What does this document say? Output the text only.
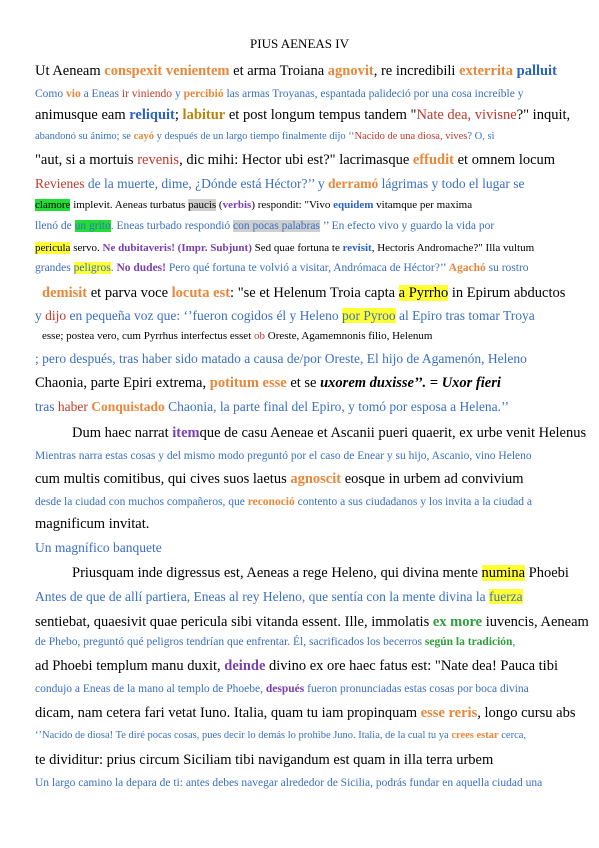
PIUS AENEAS IV
Ut Aeneam conspexit venientem et arma Troiana agnovit, re incredibili exterrita palluit
Como vio a Eneas ir viniendo y percibió las armas Troyanas, espantada palideció por una cosa increíble y
animusque eam reliquit; labitur et post longum tempus tandem "Nate dea, vivisne?" inquit,
abandonó su ánimo; se cayó y después de un largo tiempo finalmente dijo ‘‘Nacido de una diosa, vives? O, si
"aut, si a mortuis revenis, dic mihi: Hector ubi est?" lacrimasque effudit et omnem locum
Revienes de la muerte, dime, ¿Dónde está Héctor?’’ y derramó lágrimas y todo el lugar se
clamore implevit. Aeneas turbatus paucis (verbis) respondit: "Vivo equidem vitamque per maxima
llenó de un grito. Eneas turbado respondió con pocas palabras ’’ En efecto vivo y guardo la vida por
pericula servo. Ne dubitaveris! (Impr. Subjunt) Sed quae fortuna te revisit, Hectoris Andromache?" Illa vultum
grandes peligros. No dudes! Pero qué fortuna te volvió a visitar, Andrómaca de Héctor?’’ Agachó su rostro
demisit et parva voce locuta est: "se et Helenum Troia capta a Pyrrho in Epirum abductos
y dijo en pequeña voz que: ‘’fueron cogidos él y Heleno por Pyroo al Epiro tras tomar Troya
esse; postea vero, cum Pyrrhus interfectus esset ob Oreste, Agamemnonis filio, Helenum
; pero después, tras haber sido matado a causa de/por Oreste, El hijo de Agamenón, Heleno
Chaonia, parte Epiri extrema, potitum esse et se uxorem duxisse’’. = Uxor fieri
tras haber Conquistado Chaonia, la parte final del Epiro, y tomó por esposa a Helena.’’
Dum haec narrat itemque de casu Aeneae et Ascanii pueri quaerit, ex urbe venit Helenus
Mientras narra estas cosas y del mismo modo preguntó por el caso de Enear y su hijo, Ascanio, vino Heleno
cum multis comitibus, qui cives suos laetus agnoscit eosque in urbem ad convivium
desde la ciudad con muchos compañeros, que reconoció contento a sus ciudadanos y los invita a la ciudad a
magnificum invitat.
Un magnífico banquete
Priusquam inde digressus est, Aeneas a rege Heleno, qui divina mente numina Phoebi
Antes de que de allí partiera, Eneas al rey Heleno, que sentía con la mente divina la fuerza
sentiebat, quaesivit quae pericula sibi vitanda essent. Ille, immolatis ex more iuvencis, Aeneam
de Phebo, preguntó qué peligros tendrían que enfrentar. Él, sacrificados los becerros según la tradición,
ad Phoebi templum manu duxit, deinde divino ex ore haec fatus est: "Nate dea! Pauca tibi
condujo a Eneas de la mano al templo de Phoebe, después fueron pronunciadas estas cosas por boca divina
dicam, nam cetera fari vetat Iuno. Italia, quam tu iam propinquam esse reris, longo cursu abs
‘’Nacido de diosa! Te diré pocas cosas, pues decir lo demás lo prohibe Juno. Italia, de la cual tu ya crees estar cerca,
te dividitur: prius circum Siciliam tibi navigandum est quam in illa terra urbem
Un largo camino la depara de ti: antes debes navegar alrededor de Sicilia, podrás fundar en aquella ciudad una
